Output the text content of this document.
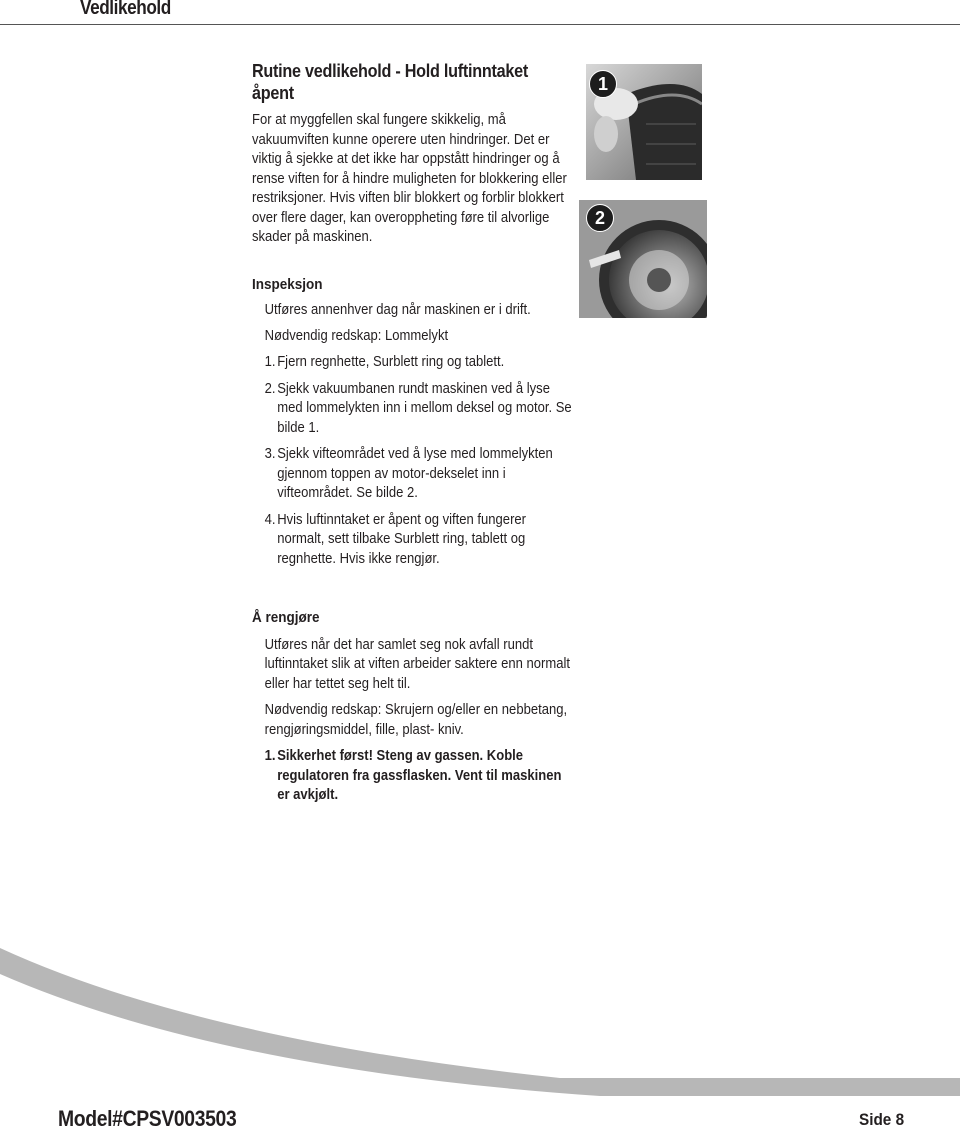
Vedlikehold
Rutine vedlikehold - Hold luftinntaket åpent

For at myggfellen skal fungere skikkelig, må vakuumviften kunne operere uten hindringer. Det er viktig å sjekke at det ikke har oppstått hindringer og å rense viften for å hindre muligheten for blokkering eller restriksjoner. Hvis viften blir blokkert og forblir blokkert over flere dager, kan overoppheting føre til alvorlige skader på maskinen.

Inspeksjon

Utføres annenhver dag når maskinen er i drift.

Nødvendig redskap: Lommelykt

1. Fjern regnhette, Surblett ring og tablett.
2. Sjekk vakuumbanen rundt maskinen ved å lyse med lommelykten inn i mellom deksel og motor. Se bilde 1.
3. Sjekk vifteområdet ved å lyse med lommelykten gjennom toppen av motor-dekselet inn i vifteområdet. Se bilde 2.
4. Hvis luftinntaket er åpent og viften fungerer normalt, sett tilbake Surblett ring, tablett og regnhette. Hvis ikke rengjør.

Å rengjøre

Utføres når det har samlet seg nok avfall rundt luftinntaket slik at viften arbeider saktere enn normalt eller har tettet seg helt til.

Nødvendig redskap: Skrujern og/eller en nebbetang, rengjøringsmiddel, fille, plast- kniv.

1. Sikkerhet først! Steng av gassen. Koble regulatoren fra gassflasken. Vent til maskinen er avkjølt.
1
2
Model#CPSV003503	Side 8
